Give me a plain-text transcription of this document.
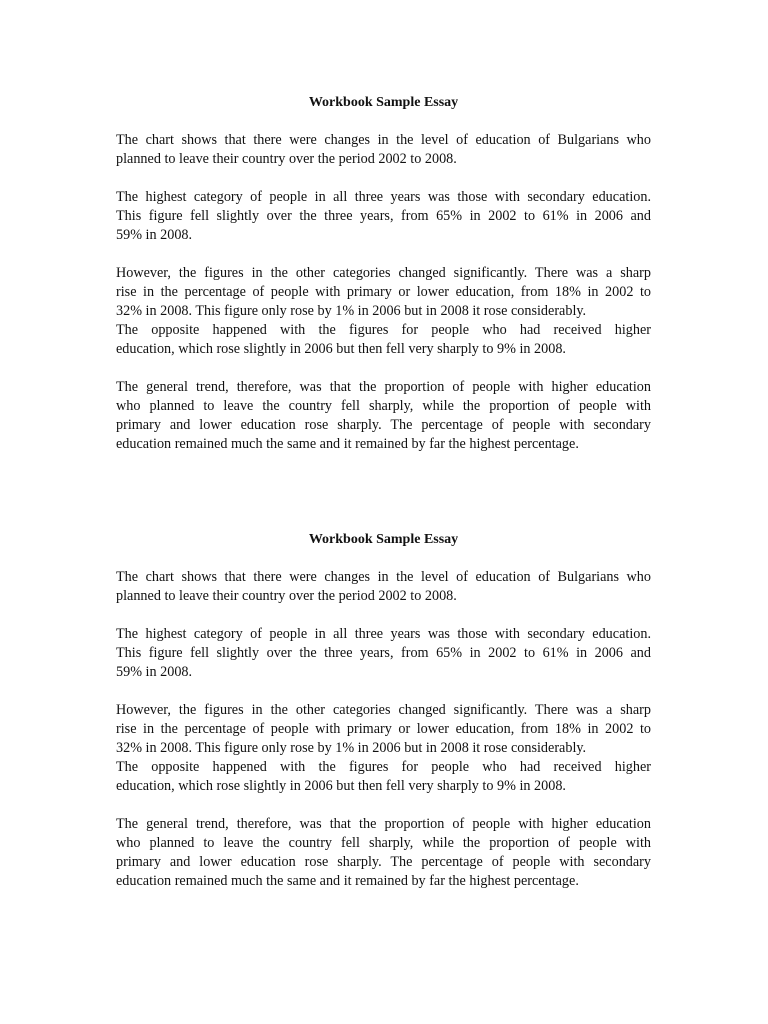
Workbook Sample Essay
The chart shows that there were changes in the level of education of Bulgarians who
planned to leave their country over the period 2002 to 2008.
The highest category of people in all three years was those with secondary education.
This figure fell slightly over the three years, from 65% in 2002 to 61% in 2006 and
59% in 2008.
However, the figures in the other categories changed significantly. There was a sharp
rise in the percentage of people with primary or lower education, from 18% in 2002 to
32% in 2008. This figure only rose by 1% in 2006 but in 2008 it rose considerably.
The opposite happened with the figures for people who had received higher
education, which rose slightly in 2006 but then fell very sharply to 9% in 2008.
The general trend, therefore, was that the proportion of people with higher education
who planned to leave the country fell sharply, while the proportion of people with
primary and lower education rose sharply. The percentage of people with secondary
education remained much the same and it remained by far the highest percentage.
Workbook Sample Essay
The chart shows that there were changes in the level of education of Bulgarians who
planned to leave their country over the period 2002 to 2008.
The highest category of people in all three years was those with secondary education.
This figure fell slightly over the three years, from 65% in 2002 to 61% in 2006 and
59% in 2008.
However, the figures in the other categories changed significantly. There was a sharp
rise in the percentage of people with primary or lower education, from 18% in 2002 to
32% in 2008. This figure only rose by 1% in 2006 but in 2008 it rose considerably.
The opposite happened with the figures for people who had received higher
education, which rose slightly in 2006 but then fell very sharply to 9% in 2008.
The general trend, therefore, was that the proportion of people with higher education
who planned to leave the country fell sharply, while the proportion of people with
primary and lower education rose sharply. The percentage of people with secondary
education remained much the same and it remained by far the highest percentage.
